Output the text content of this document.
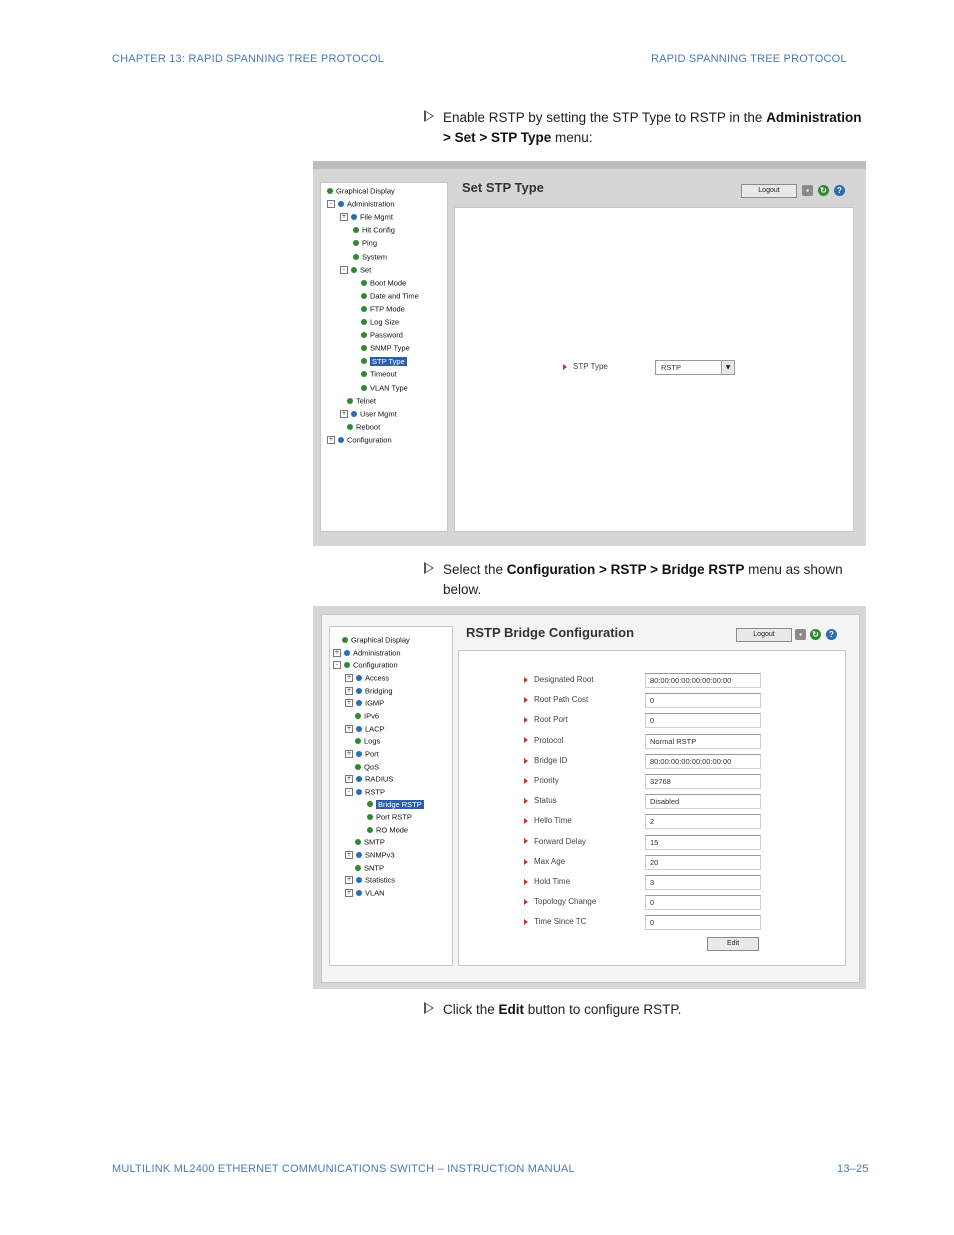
CHAPTER 13: RAPID SPANNING TREE PROTOCOL	RAPID SPANNING TREE PROTOCOL
Enable RSTP by setting the STP Type to RSTP in the Administration > Set > STP Type menu:
Graphical Display
- Administration
+ File Mgmt
Hit Config
Ping
System
- Set
Boot Mode
Date and Time
FTP Mode
Log Size
Password
SNMP Type
STP Type
Timeout
VLAN Type
Telnet
+ User Mgmt
Reboot
+ Configuration
Set STP Type	Logout	▪	↻	?
STP Type	RSTP	▼
Select the Configuration > RSTP > Bridge RSTP menu as shown below.
Graphical Display
+ Administration
- Configuration
+ Access
+ Bridging
+ IGMP
IPv6
+ LACP
Logs
+ Port
QoS
+ RADIUS
- RSTP
Bridge RSTP
Port RSTP
RO Mode
SMTP
+ SNMPv3
SNTP
+ Statistics
+ VLAN
RSTP Bridge Configuration	Logout	▪	↻	?
Designated Root	80:00:00:00:00:00:00:00
Root Path Cost	0
Root Port	0
Protocol	Normal RSTP
Bridge ID	80:00:00:00:00:00:00:00
Priority	32768
Status	Disabled
Hello Time	2
Forward Delay	15
Max Age	20
Hold Time	3
Topology Change	0
Time Since TC	0
Edit
Click the Edit button to configure RSTP.
MULTILINK ML2400 ETHERNET COMMUNICATIONS SWITCH – INSTRUCTION MANUAL	13–25
